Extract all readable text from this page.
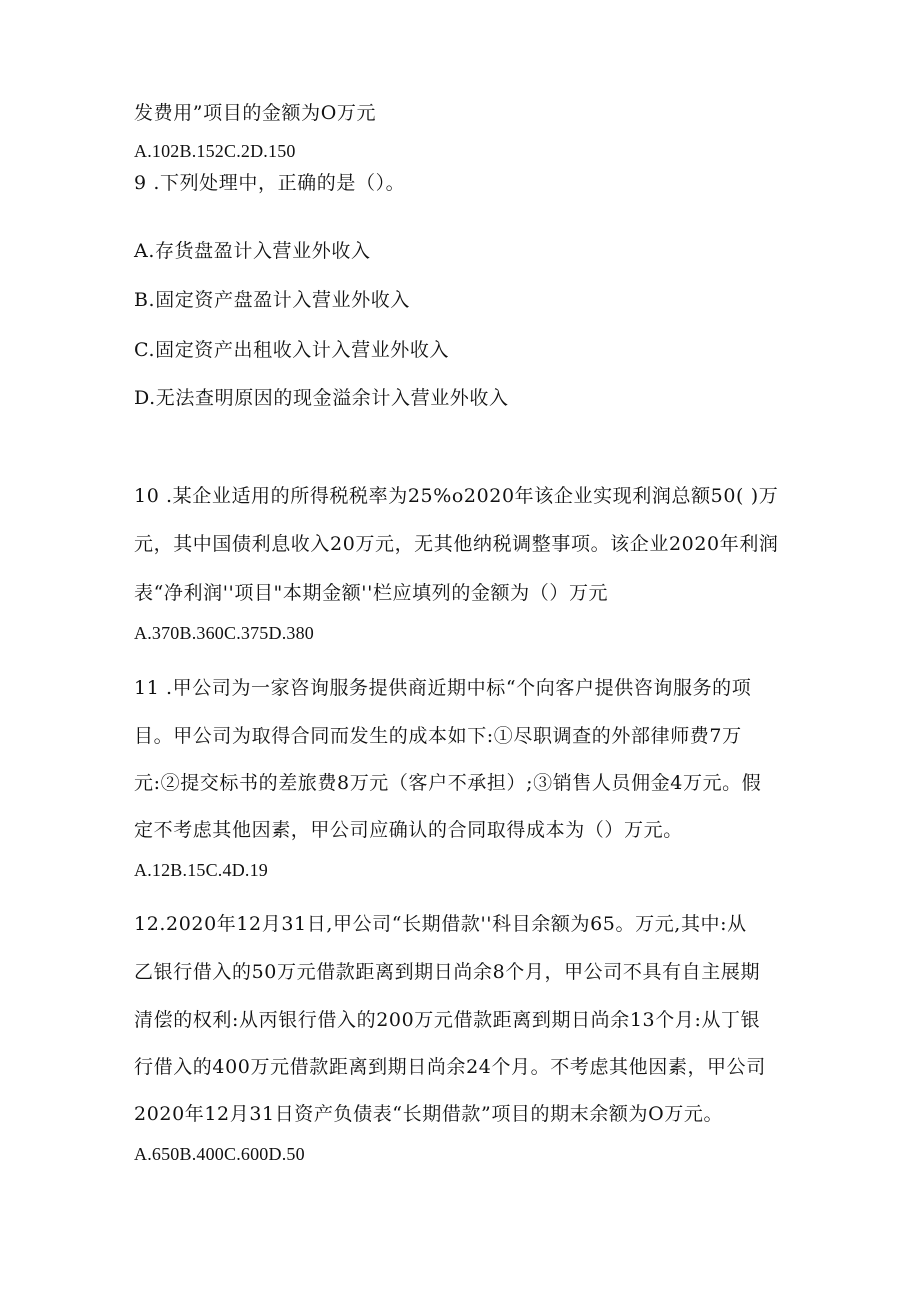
发费用”项目的金额为O万元
A.102B.152C.2D.150
9 .下列处理中，正确的是（）。
A.存货盘盈计入营业外收入
B.固定资产盘盈计入营业外收入
C.固定资产出租收入计入营业外收入
D.无法查明原因的现金溢余计入营业外收入
10 .某企业适用的所得税税率为25%o2020年该企业实现利润总额50( )万
元，其中国债利息收入20万元，无其他纳税调整事项。该企业2020年利润
表“净利润''项目"本期金额''栏应填列的金额为（）万元
A.370B.360C.375D.380
11 .甲公司为一家咨询服务提供商近期中标“个向客户提供咨询服务的项
目。甲公司为取得合同而发生的成本如下:①尽职调查的外部律师费7万
元:②提交标书的差旅费8万元（客户不承担）;③销售人员佣金4万元。假
定不考虑其他因素，甲公司应确认的合同取得成本为（）万元。
A.12B.15C.4D.19
12.2020年12月31日,甲公司“长期借款''科目余额为65。万元,其中:从
乙银行借入的50万元借款距离到期日尚余8个月，甲公司不具有自主展期
清偿的权利:从丙银行借入的200万元借款距离到期日尚余13个月:从丁银
行借入的400万元借款距离到期日尚余24个月。不考虑其他因素，甲公司
2020年12月31日资产负债表“长期借款”项目的期末余额为O万元。
A.650B.400C.600D.50
